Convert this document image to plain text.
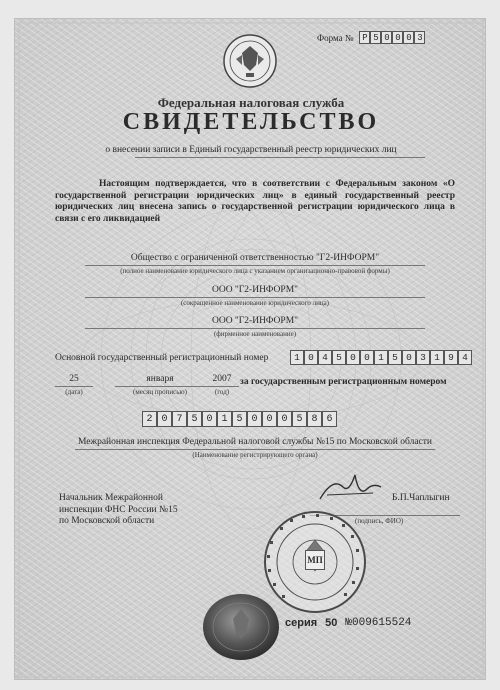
Форма № Р 5 0 0 0 3
Федеральная налоговая служба
СВИДЕТЕЛЬСТВО
о внесении записи в Единый государственный реестр юридических лиц
Настоящим подтверждается, что в соответствии с Федеральным законом «О государственной регистрации юридических лиц» в единый государственный реестр юридических лиц внесена запись о государственной регистрации юридического лица в связи с его ликвидацией
Общество с ограниченной ответственностью "Г2-ИНФОРМ"
(полное наименование юридического лица с указанием организационно-правовой формы)
ООО "Г2-ИНФОРМ"
(сокращенное наименование юридического лица)
ООО "Г2-ИНФОРМ"
(фирменное наименование)
Основной государственный регистрационный номер	1 0 4 5 0 0 1 5 0 3 1 9 4
25
(дата)
января
(месяц прописью)
2007
(год)
за государственным регистрационным номером
2 0 7 5 0 1 5 0 0 0 5 8 6
Межрайонная инспекция Федеральной налоговой службы №15 по Московской области
(Наименование регистрирующего органа)
Начальник Межрайонной
инспекции ФНС России №15
по Московской области
Б.П.Чаплыгин
(подпись, ФИО)
МП
серия 50 №009615524
